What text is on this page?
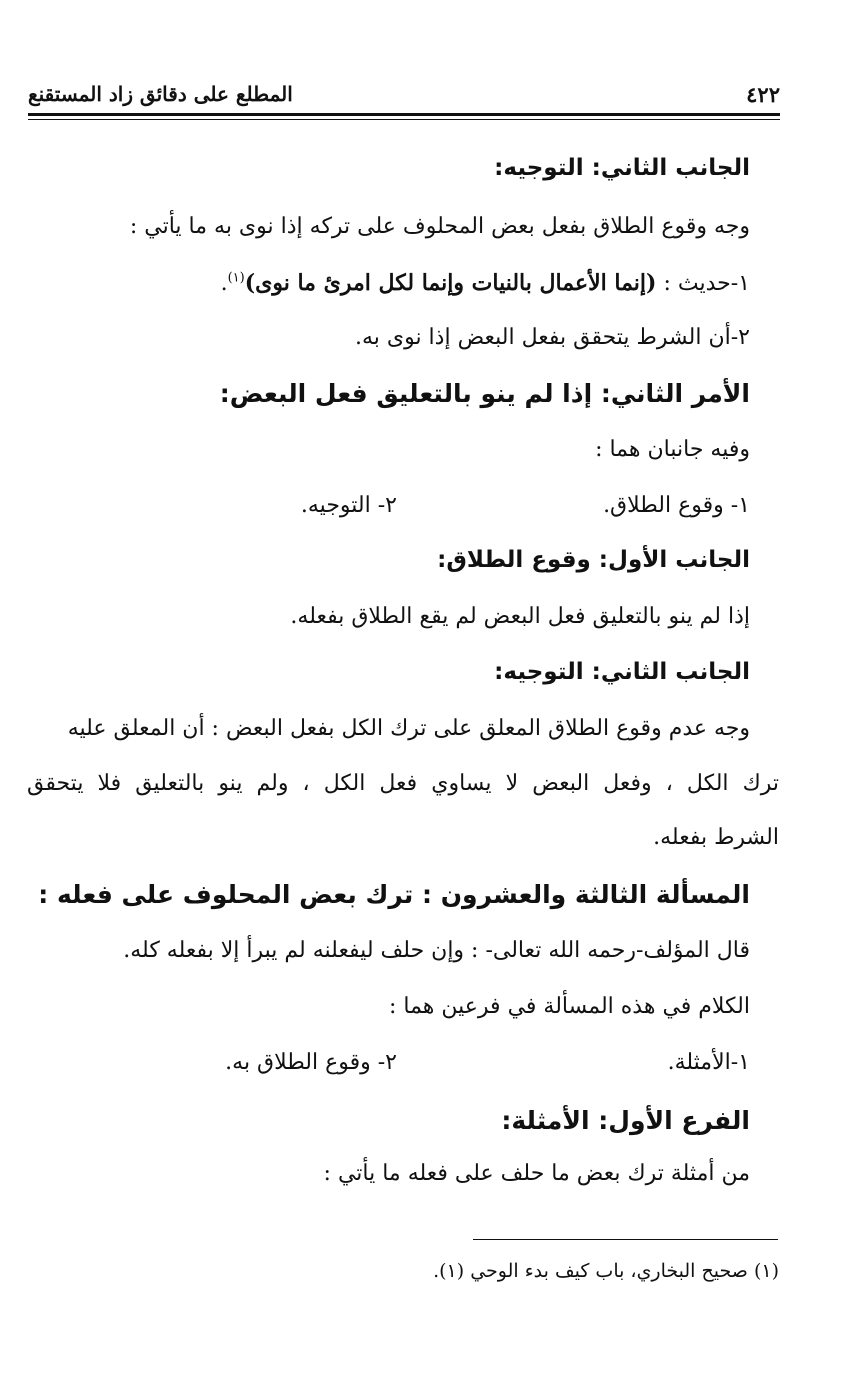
٤٢٢
المطلع على دقائق زاد المستقنع
الجانب الثاني: التوجيه:
وجه وقوع الطلاق بفعل بعض المحلوف على تركه إذا نوى به ما يأتي :
١-حديث : (إنما الأعمال بالنيات وإنما لكل امرئ ما نوى)$^{(١)}$.
٢-أن الشرط يتحقق بفعل البعض إذا نوى به.
الأمر الثاني: إذا لم ينو بالتعليق فعل البعض:
وفيه جانبان هما :
١- وقوع الطلاق.
٢- التوجيه.
الجانب الأول: وقوع الطلاق:
إذا لم ينو بالتعليق فعل البعض لم يقع الطلاق بفعله.
الجانب الثاني: التوجيه:
وجه عدم وقوع الطلاق المعلق على ترك الكل بفعل البعض : أن المعلق عليه
ترك الكل ، وفعل البعض لا يساوي فعل الكل ، ولم ينو بالتعليق فلا يتحقق
الشرط بفعله.
المسألة الثالثة والعشرون : ترك بعض المحلوف على فعله :
قال المؤلف-رحمه الله تعالى- : وإن حلف ليفعلنه لم يبرأ إلا بفعله كله.
الكلام في هذه المسألة في فرعين هما :
١-الأمثلة.
٢- وقوع الطلاق به.
الفرع الأول: الأمثلة:
من أمثلة ترك بعض ما حلف على فعله ما يأتي :
(١) صحيح البخاري، باب كيف بدء الوحي (١).
